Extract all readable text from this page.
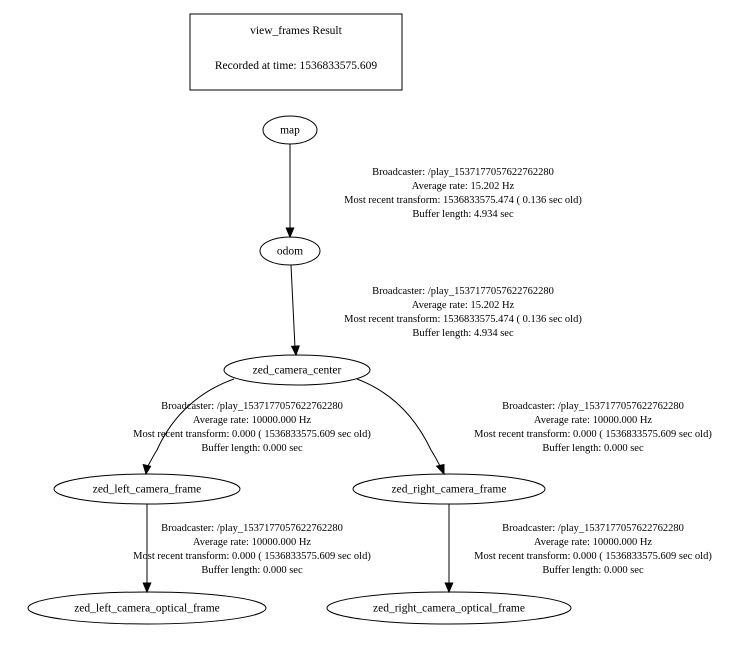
view_frames Result
Recorded at time: 1536833575.609
map
odom
zed_camera_center
zed_left_camera_frame	zed_right_camera_frame
zed_left_camera_optical_frame	zed_right_camera_optical_frame
Broadcaster: /play_1537177057622762280
Average rate: 15.202 Hz
Most recent transform: 1536833575.474 ( 0.136 sec old)
Buffer length: 4.934 sec
Broadcaster: /play_1537177057622762280
Average rate: 15.202 Hz
Most recent transform: 1536833575.474 ( 0.136 sec old)
Buffer length: 4.934 sec
Broadcaster: /play_1537177057622762280
Average rate: 10000.000 Hz
Most recent transform: 0.000 ( 1536833575.609 sec old)
Buffer length: 0.000 sec
Broadcaster: /play_1537177057622762280
Average rate: 10000.000 Hz
Most recent transform: 0.000 ( 1536833575.609 sec old)
Buffer length: 0.000 sec
Broadcaster: /play_1537177057622762280
Average rate: 10000.000 Hz
Most recent transform: 0.000 ( 1536833575.609 sec old)
Buffer length: 0.000 sec
Broadcaster: /play_1537177057622762280
Average rate: 10000.000 Hz
Most recent transform: 0.000 ( 1536833575.609 sec old)
Buffer length: 0.000 sec
